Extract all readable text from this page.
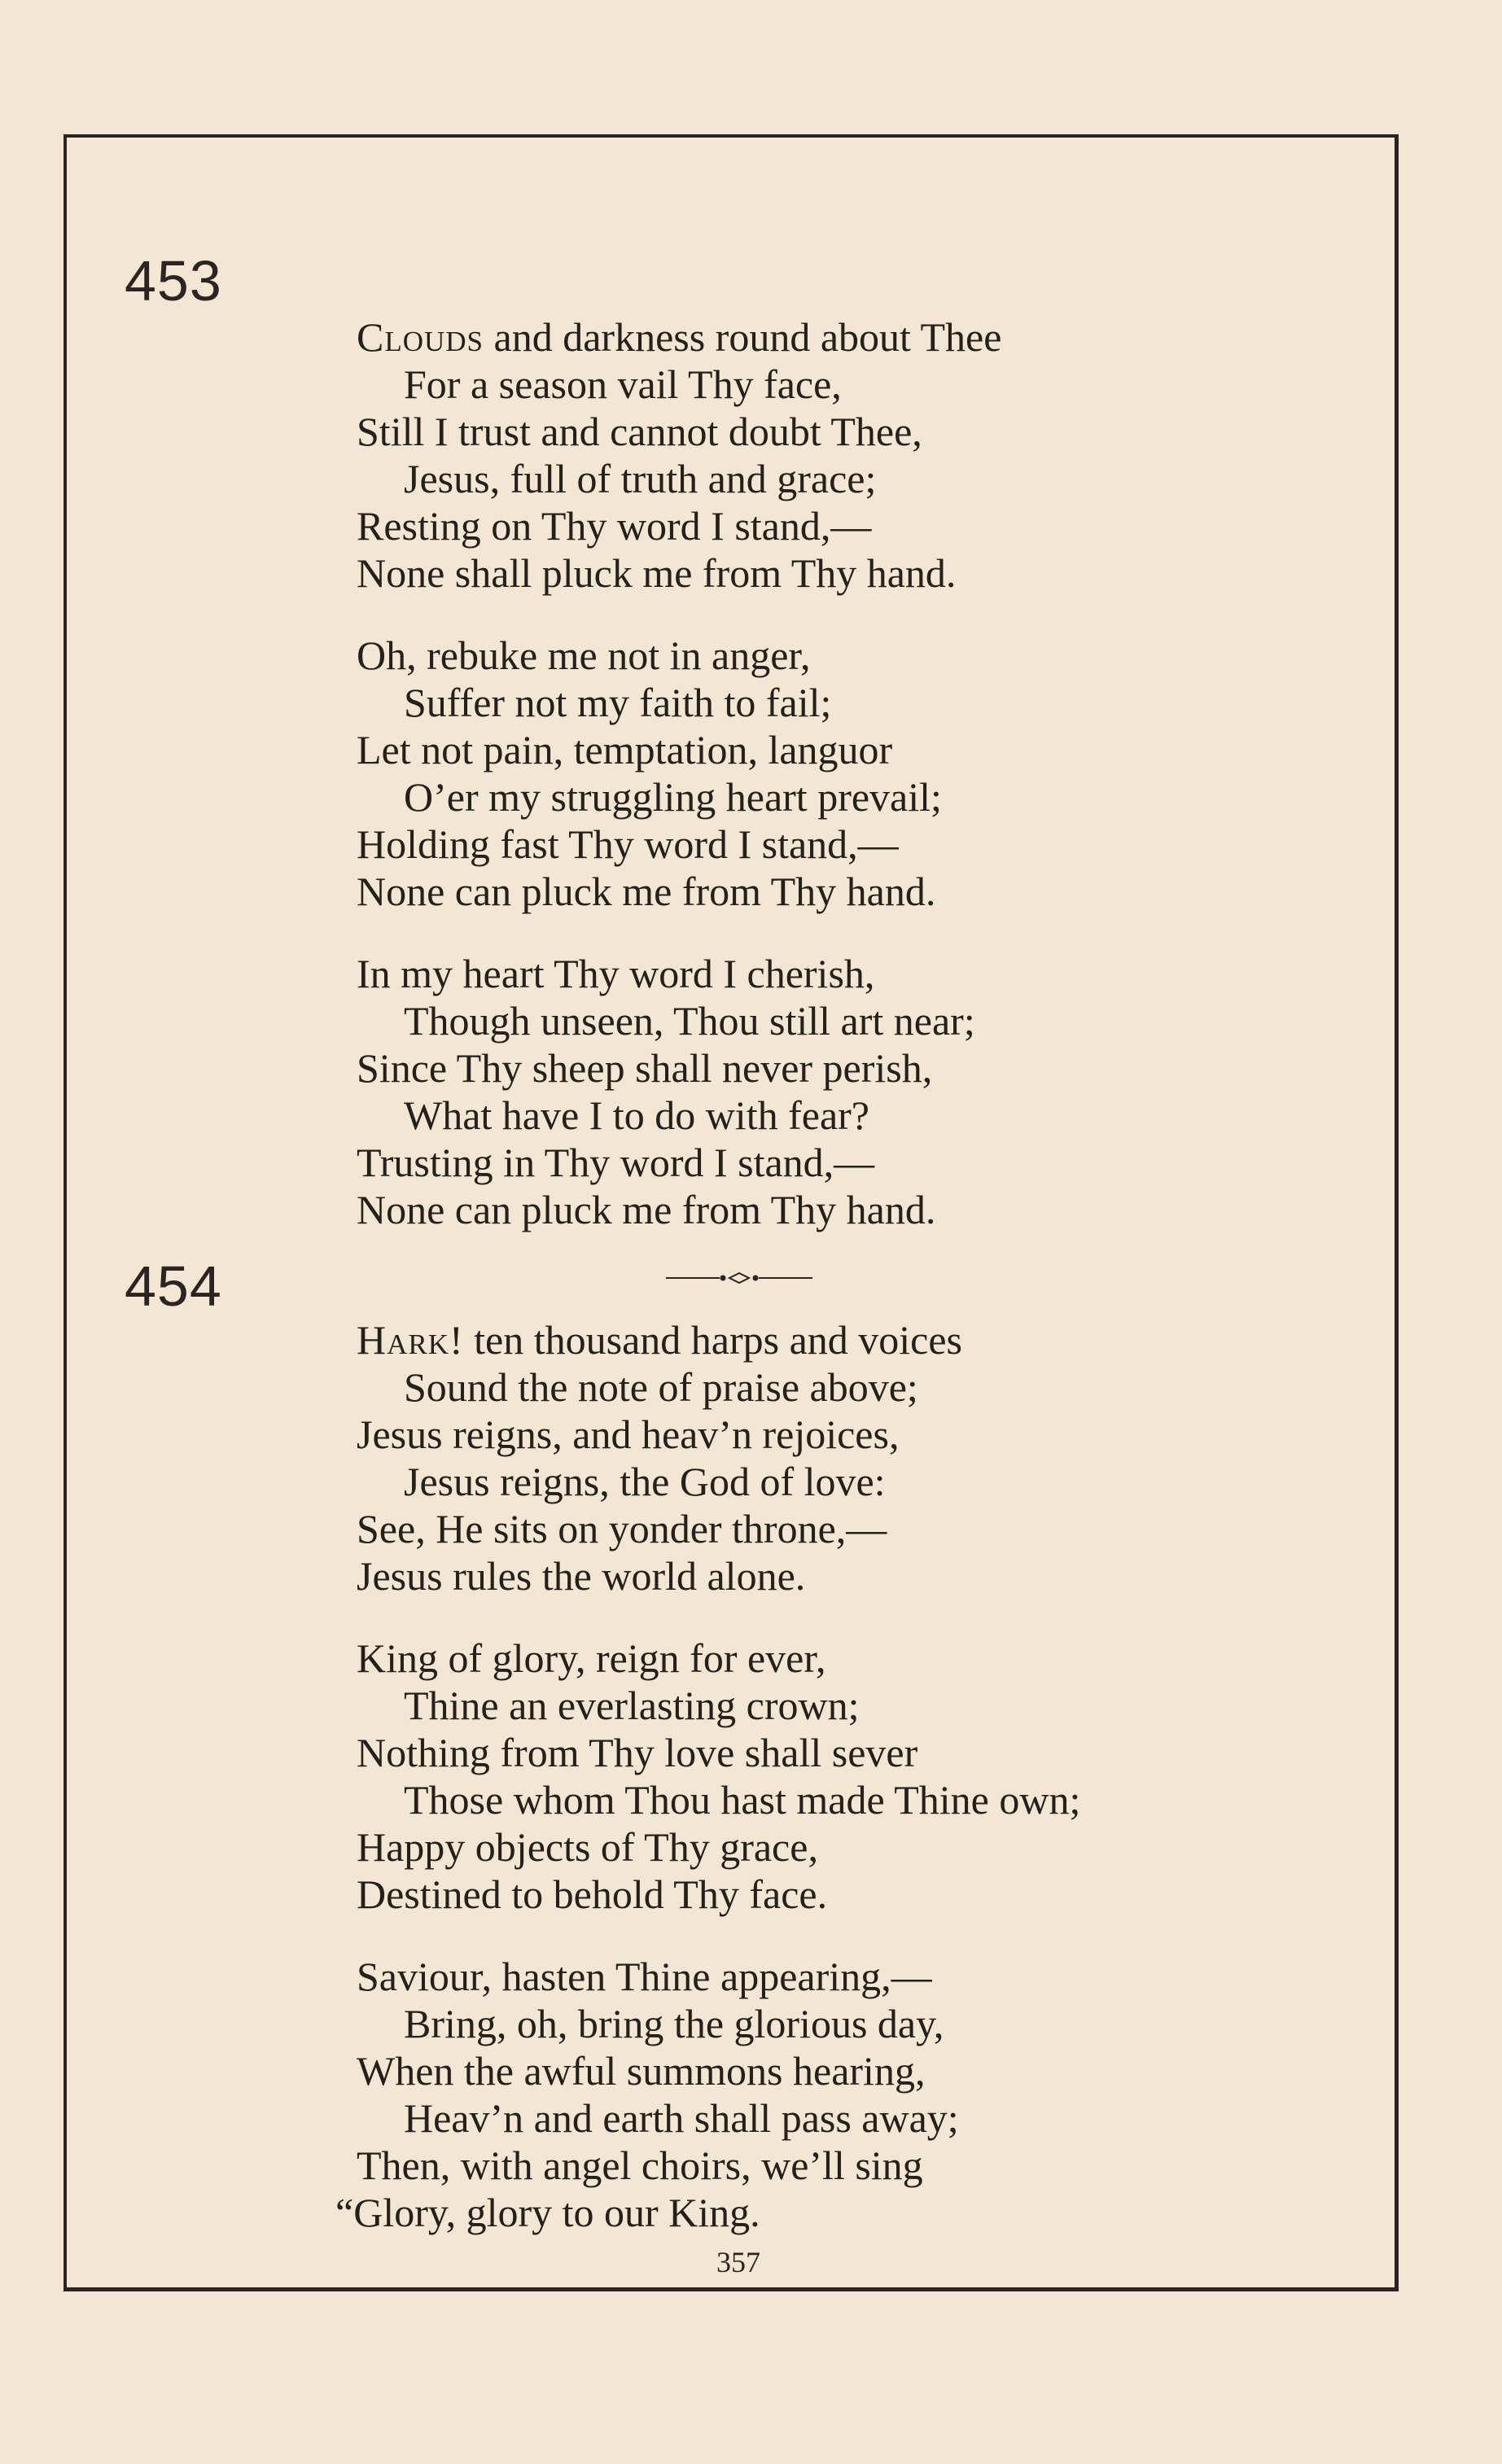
453
Clouds and darkness round about Thee
For a season vail Thy face,
Still I trust and cannot doubt Thee,
Jesus, full of truth and grace;
Resting on Thy word I stand,—
None shall pluck me from Thy hand.
Oh, rebuke me not in anger,
Suffer not my faith to fail;
Let not pain, temptation, languor
O’er my struggling heart prevail;
Holding fast Thy word I stand,—
None can pluck me from Thy hand.
In my heart Thy word I cherish,
Though unseen, Thou still art near;
Since Thy sheep shall never perish,
What have I to do with fear?
Trusting in Thy word I stand,—
None can pluck me from Thy hand.
454
Hark! ten thousand harps and voices
Sound the note of praise above;
Jesus reigns, and heav’n rejoices,
Jesus reigns, the God of love:
See, He sits on yonder throne,—
Jesus rules the world alone.
King of glory, reign for ever,
Thine an everlasting crown;
Nothing from Thy love shall sever
Those whom Thou hast made Thine own;
Happy objects of Thy grace,
Destined to behold Thy face.
Saviour, hasten Thine appearing,—
Bring, oh, bring the glorious day,
When the awful summons hearing,
Heav’n and earth shall pass away;
Then, with angel choirs, we’ll sing
“Glory, glory to our King.
357
